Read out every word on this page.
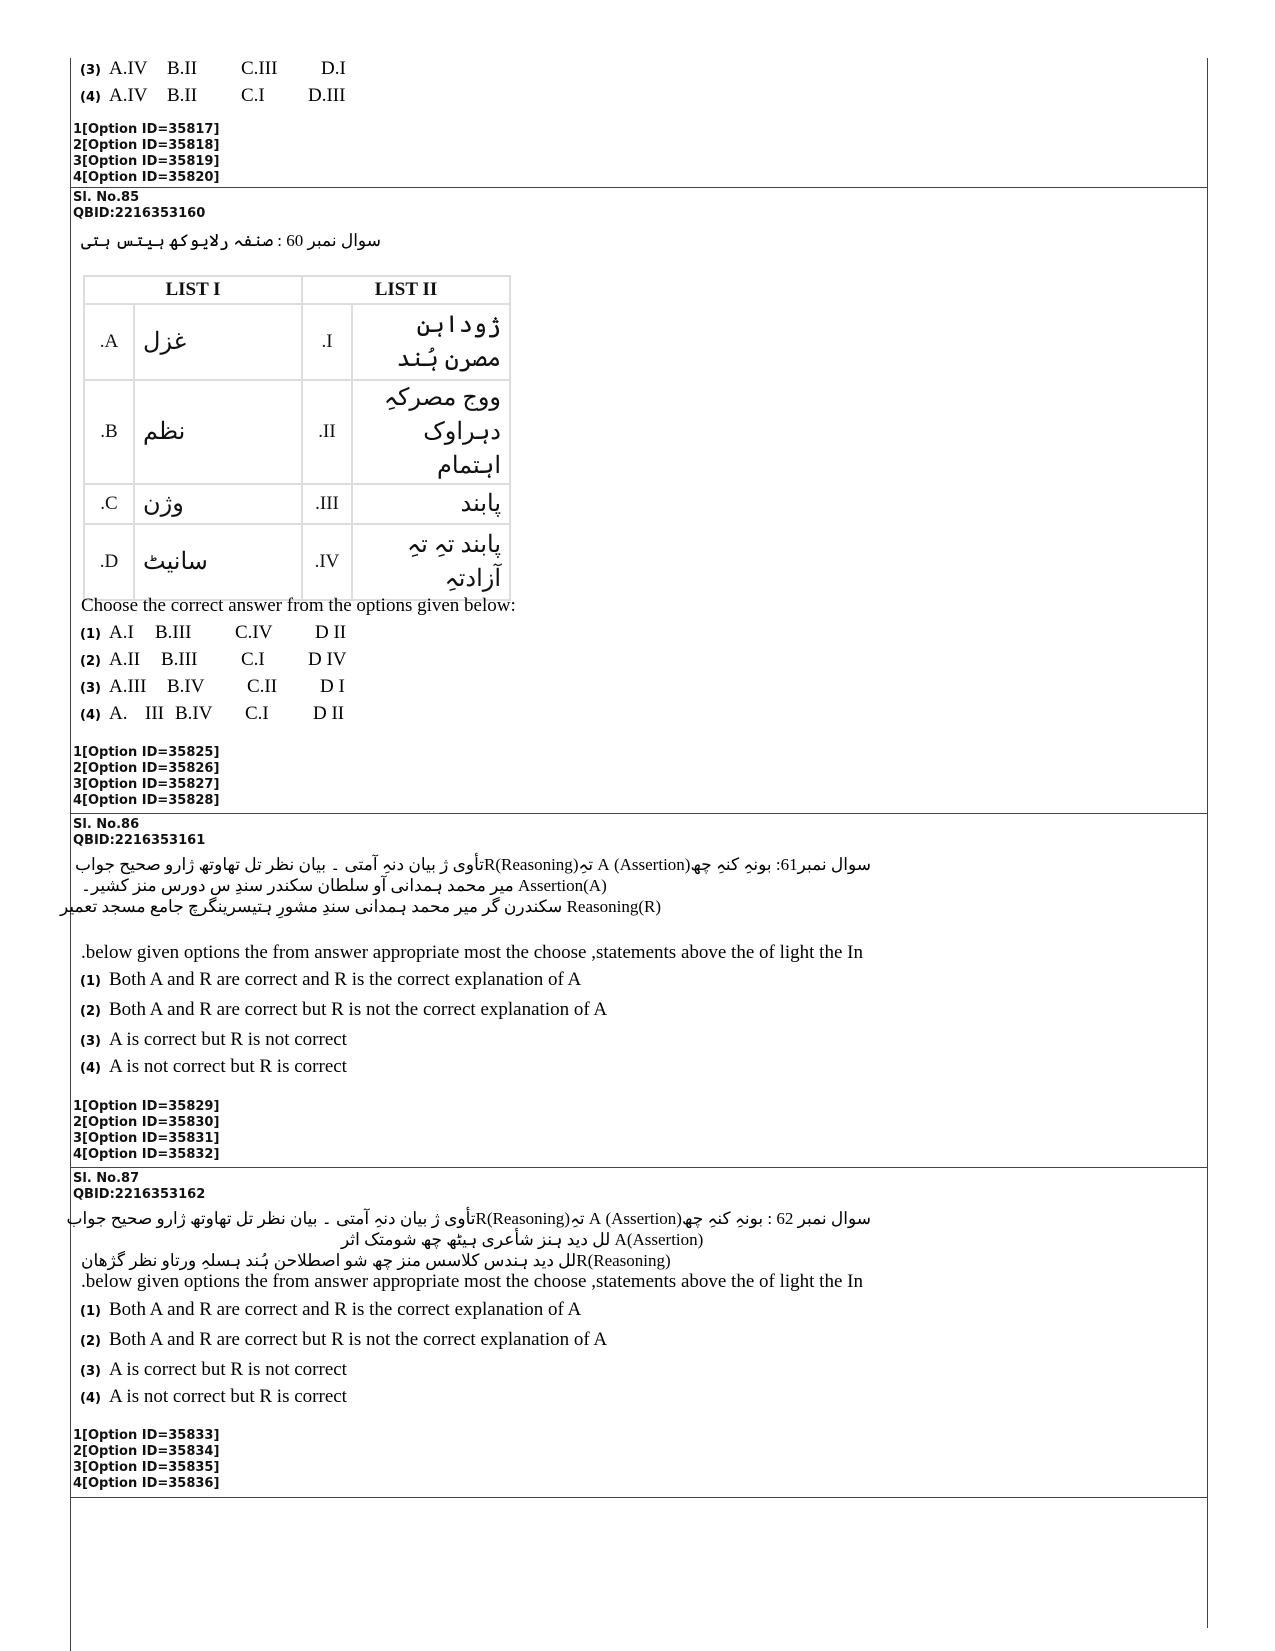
(3) A.IV	B.II	C.III	D.I
(4) A.IV	B.II	C.I	D.III
1[Option ID=35817]
2[Option ID=35818]
3[Option ID=35819]
4[Option ID=35820]
Sl. No.85
QBID:2216353160
سوال نمبر 60 : صنفہ رلایوکھ ہیتس ہتی
LIST I		LIST II	
.A	غزل	.I	ژوداہن مصرن ہُند
.B	نظم	.II	ووج مصرکہِ دہراوک اہتمام
.C	وژن	.III	پابند
.D	سانیٹ	.IV	پابند تہِ تہِ آزادتہِ
Choose the correct answer from the options given below:
(1) A.I	B.III	C.IV	D II
(2) A.II	B.III	C.I	D IV
(3) A.III	B.IV	C.II	D I
(4) A. III B.IV	C.I	D II
1[Option ID=35825]
2[Option ID=35826]
3[Option ID=35827]
4[Option ID=35828]
Sl. No.86
QBID:2216353161
سوال نمبر61: بونہِ کنہِ چھ(Assertion) A تہِ(Reasoning)Rتأوی ژ بیان دنہِ آمتی ۔ بیان نظر تل تھاوتھ ژارو صحیح جواب
Assertion(A) میر محمد ہمدانی آو سلطان سکندر سندِ س دورس منز کشیر۔
Reasoning(R) سکندرن گر میر محمد ہمدانی سندِ مشورِ ہتیسرینگرچ جامع مسجد تعمیر
.below given options the from answer appropriate most the choose ,statements above the of light the In
(1) Both A and R are correct and R is the correct explanation of A
(2) Both A and R are correct but R is not the correct explanation of A
(3) A is correct but R is not correct
(4) A is not correct but R is correct
1[Option ID=35829]
2[Option ID=35830]
3[Option ID=35831]
4[Option ID=35832]
Sl. No.87
QBID:2216353162
سوال نمبر 62 : بونہِ کنہِ چھ(Assertion) A تہِ(Reasoning)Rتأوی ژ بیان دنہِ آمتی ۔ بیان نظر تل تھاوتھ ژارو صحیح جواب
(Assertion)A لل دید ہنز شأعری ہیٹھ چھ شومتک اثر
(Reasoning)Rلل دید ہندس کلاسس منز چھ شو اصطلاحن ہُند ہسلہِ ورتاو نظر گژھان
.below given options the from answer appropriate most the choose ,statements above the of light the In
(1) Both A and R are correct and R is the correct explanation of A
(2) Both A and R are correct but R is not the correct explanation of A
(3) A is correct but R is not correct
(4) A is not correct but R is correct
1[Option ID=35833]
2[Option ID=35834]
3[Option ID=35835]
4[Option ID=35836]
